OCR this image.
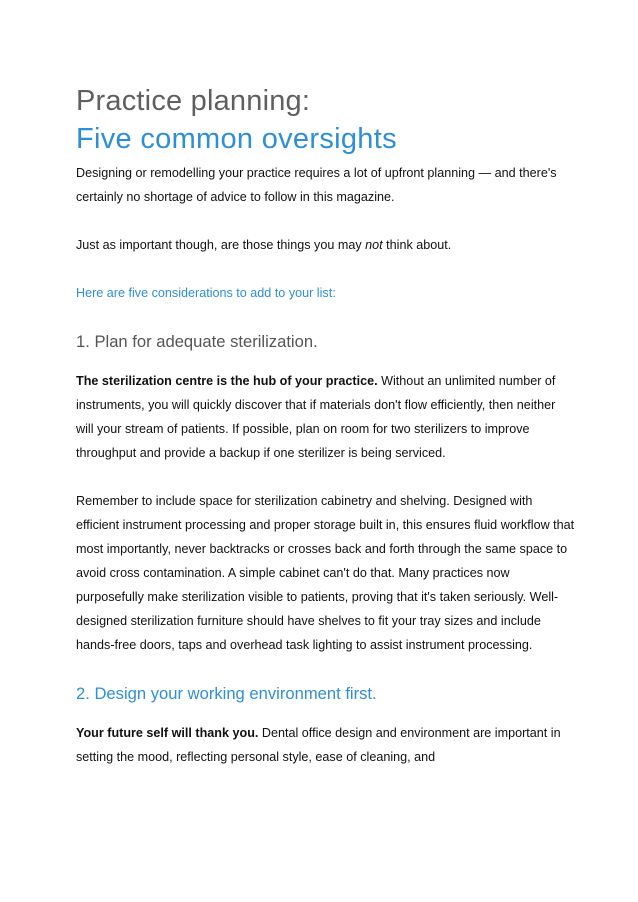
Practice planning:
Five common oversights

Designing or remodelling your practice requires a lot of upfront planning — and there's certainly no shortage of advice to follow in this magazine.

Just as important though, are those things you may not think about.

Here are five considerations to add to your list:

1. Plan for adequate sterilization.

The sterilization centre is the hub of your practice. Without an unlimited number of instruments, you will quickly discover that if materials don't flow efficiently, then neither will your stream of patients. If possible, plan on room for two sterilizers to improve throughput and provide a backup if one sterilizer is being serviced.

Remember to include space for sterilization cabinetry and shelving. Designed with efficient instrument processing and proper storage built in, this ensures fluid workflow that most importantly, never backtracks or crosses back and forth through the same space to avoid cross contamination. A simple cabinet can't do that. Many practices now purposefully make sterilization visible to patients, proving that it's taken seriously. Well-designed sterilization furniture should have shelves to fit your tray sizes and include hands-free doors, taps and overhead task lighting to assist instrument processing.

2. Design your working environment first.

Your future self will thank you. Dental office design and environment are important in setting the mood, reflecting personal style, ease of cleaning, and
